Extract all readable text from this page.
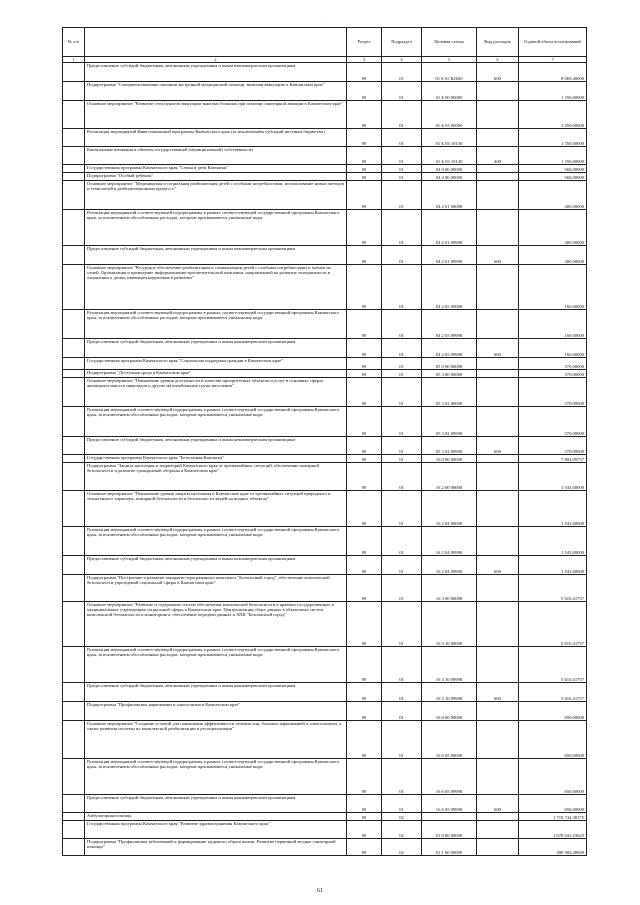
·
№ п/п		Раздел	Подраздел	Целевая статья	Вид расходов	Годовой объем ассигнований
1	2	3	4	5	6	7
	Предоставление субсидий бюджетным, автономным учреждениям и иным некоммерческим организациям	09	01	01 8 01 R2020	600	8 069,40000
	Подпрограмма "Совершенствование оказания экстренной медицинской помощи, включая эвакуацию в Камчатском крае"	09	01	01 Б 00 00000		1 350,00000
	Основное мероприятие "Развитие сети пунктов эвакуации тяжелых больных при помощи санитарной авиации в Камчатском крае"	09	01	01 Б 03 00000		1 350,00000
	Реализация мероприятий Инвестиционной программы Камчатского края (за исключением субсидий местным бюджетам)	09	01	01 Б 03 10130		1 350,00000
	Капитальные вложения в объекты государственной (муниципальной) собственности	09	01	01 Б 03 10130	400	1 350,00000
	Государственная программа Камчатского края "Семья и дети Камчатки"	09	01	04 0 00 00000		560,00000
	Подпрограмма "Особый ребенок"	09	01	04 2 00 00000		560,00000
	Основное мероприятие "Медицинская и социальная реабилитация детей с особыми потребностями, использование новых методов и технологий в реабилитационном процессе"	09	01	04 2 01 00000		400,00000
	Реализация мероприятий соответствующей подпрограммы в рамках соответствующей государственной программы Камчатского края, за исключением обособленных расходов, которым присваиваются уникальные коды	09	01	04 2 01 09990		400,00000
	Предоставление субсидий бюджетным, автономным учреждениям и иным некоммерческим организациям	09	01	04 2 01 09990	600	400,00000
	Основное мероприятие "Ресурсное обеспечение реабилитации и социализации детей с особыми потребностями и членов их семей. Организация и проведение информационно-просветительской кампании, направленной на развитие толерантности в отношении к детям, имеющим нарушения в развитии"	09	01	04 2 05 00000		160,00000
	Реализация мероприятий соответствующей подпрограммы в рамках соответствующей государственной программы Камчатского края, за исключением обособленных расходов, которым присваиваются уникальные коды	09	01	04 2 05 09990		160,00000
	Предоставление субсидий бюджетным, автономным учреждениям и иным некоммерческим организациям	09	01	04 2 05 09990	600	160,00000
	Государственная программа Камчатского края "Социальная поддержка граждан в Камчатском крае"	09	01	05 0 00 00000		370,00000
	Подпрограмма "Доступная среда в Камчатском крае"	09	01	05 3 00 00000		370,00000
	Основное мероприятие "Повышение уровня доступности и качества приоритетных объектов и услуг в основных сферах жизнедеятельности инвалидов и других маломобильных групп населения"	09	01	05 3 02 00000		370,00000
	Реализация мероприятий соответствующей подпрограммы в рамках соответствующей государственной программы Камчатского края, за исключением обособленных расходов, которым присваиваются уникальные коды	09	01	05 3 02 09990		370,00000
	Предоставление субсидий бюджетным, автономным учреждениям и иным некоммерческим организациям	09	01	05 3 02 09990	600	370,00000
	Государственная программа Камчатского края "Безопасная Камчатка"	09	01	16 0 00 00000		7 804,09757
	Подпрограмма "Защита населения и территорий Камчатского края от чрезвычайных ситуаций, обеспечение пожарной безопасности и развитие гражданской обороны в Камчатском крае"	09	01	16 2 00 00000		1 543,68000
	Основное мероприятие "Повышение уровня защиты населения в Камчатском крае от чрезвычайных ситуаций природного и техногенного характера, пожарной безопасности и безопасности людей на водных объектах"	09	01	16 2 04 00000		1 543,68000
	Реализация мероприятий соответствующей подпрограммы в рамках соответствующей государственной программы Камчатского края, за исключением обособленных расходов, которым присваиваются уникальные коды	09	01	16 2 04 09990		1 543,68000
	Предоставление субсидий бюджетным, автономным учреждениям и иным некоммерческим организациям	09	01	16 2 04 09990	600	1 543,68000
	Подпрограмма "Построение и развитие аппаратно-программного комплекса "Безопасный город", обеспечение комплексной безопасности учреждений социальной сферы в Камчатском крае"	09	01	16 3 00 00000		5 610,41757
	Основное мероприятие "Развитие и содержание систем обеспечения комплексной безопасности в краевых государственных и муниципальных учреждениях социальной сферы в Камчатском крае. Централизация сбора данных в объектовых систем комплексной безопасности и мониторинга, обеспечение передачи данных в АПК "Безопасный город"	09	01	16 3 10 00000		5 610,41757
	Реализация мероприятий соответствующей подпрограммы в рамках соответствующей государственной программы Камчатского края, за исключением обособленных расходов, которым присваиваются уникальные коды	09	01	16 3 10 09990		5 610,41757
	Предоставление субсидий бюджетным, автономным учреждениям и иным некоммерческим организациям	09	01	16 3 10 09990	600	5 610,41757
	Подпрограмма "Профилактика наркомании и алкоголизма в Камчатском крае"	09	01	16 6 00 00000		650,00000
	Основное мероприятие "Создание условий для повышения эффективности лечения лиц, больных наркоманией и алкоголизмом, а также развития системы их комплексной реабилитации и ресоциализации"	09	01	16 6 05 00000		650,00000
	Реализация мероприятий соответствующей подпрограммы в рамках соответствующей государственной программы Камчатского края, за исключением обособленных расходов, которым присваиваются уникальные коды	09	01	16 6 05 09990		650,00000
	Предоставление субсидий бюджетным, автономным учреждениям и иным некоммерческим организациям	09	01	16 6 05 09990	600	650,00000
	Амбулаторная помощь	09	02			1 718 744,38175
	Государственная программа Камчатского края "Развитие здравоохранения Камчатского края"	09	02	01 0 00 00000		1 670 041,23625
	Подпрограмма "Профилактика заболеваний и формирование здорового образа жизни. Развитие первичной медико-санитарной помощи"	09	02	01 1 00 00000		490 903,48949
61
